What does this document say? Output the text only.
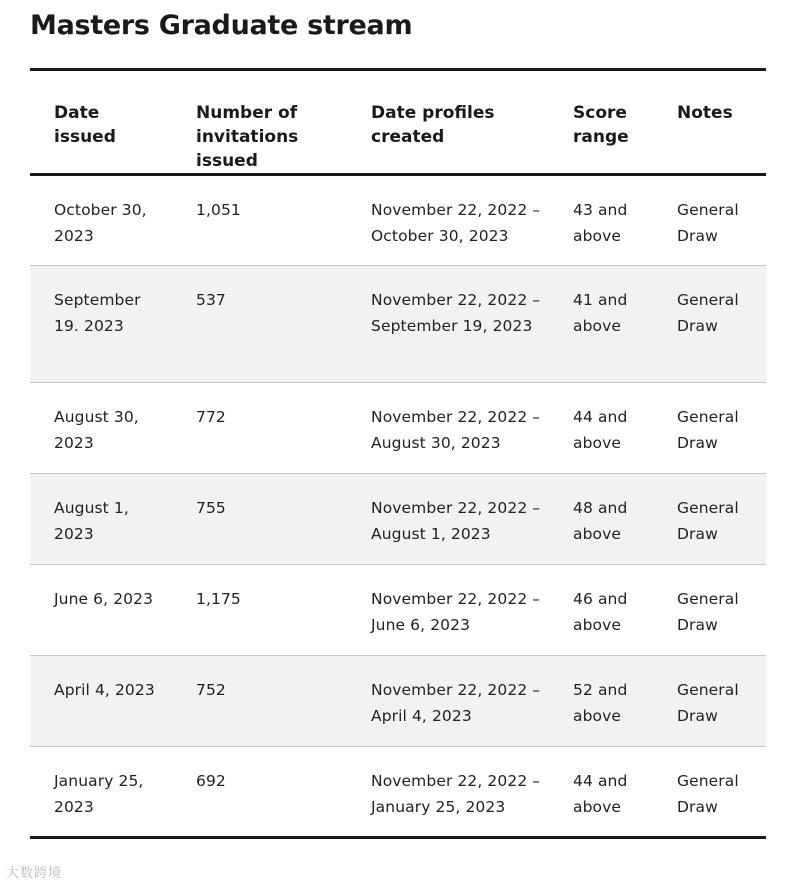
Masters Graduate stream
Date issued	Number of invitations issued	Date profiles created	Score range	Notes
October 30, 2023	1,051	November 22, 2022 – October 30, 2023	43 and above	General Draw
September 19. 2023	537	November 22, 2022 –September 19, 2023	41 and above	General Draw
August 30, 2023	772	November 22, 2022 – August 30, 2023	44 and above	General Draw
August 1, 2023	755	November 22, 2022 – August 1, 2023	48 and above	General Draw
June 6, 2023	1,175	November 22, 2022 – June 6, 2023	46 and above	General Draw
April 4, 2023	752	November 22, 2022 – April 4, 2023	52 and above	General Draw
January 25, 2023	692	November 22, 2022 – January 25, 2023	44 and above	General Draw
大数跨境
